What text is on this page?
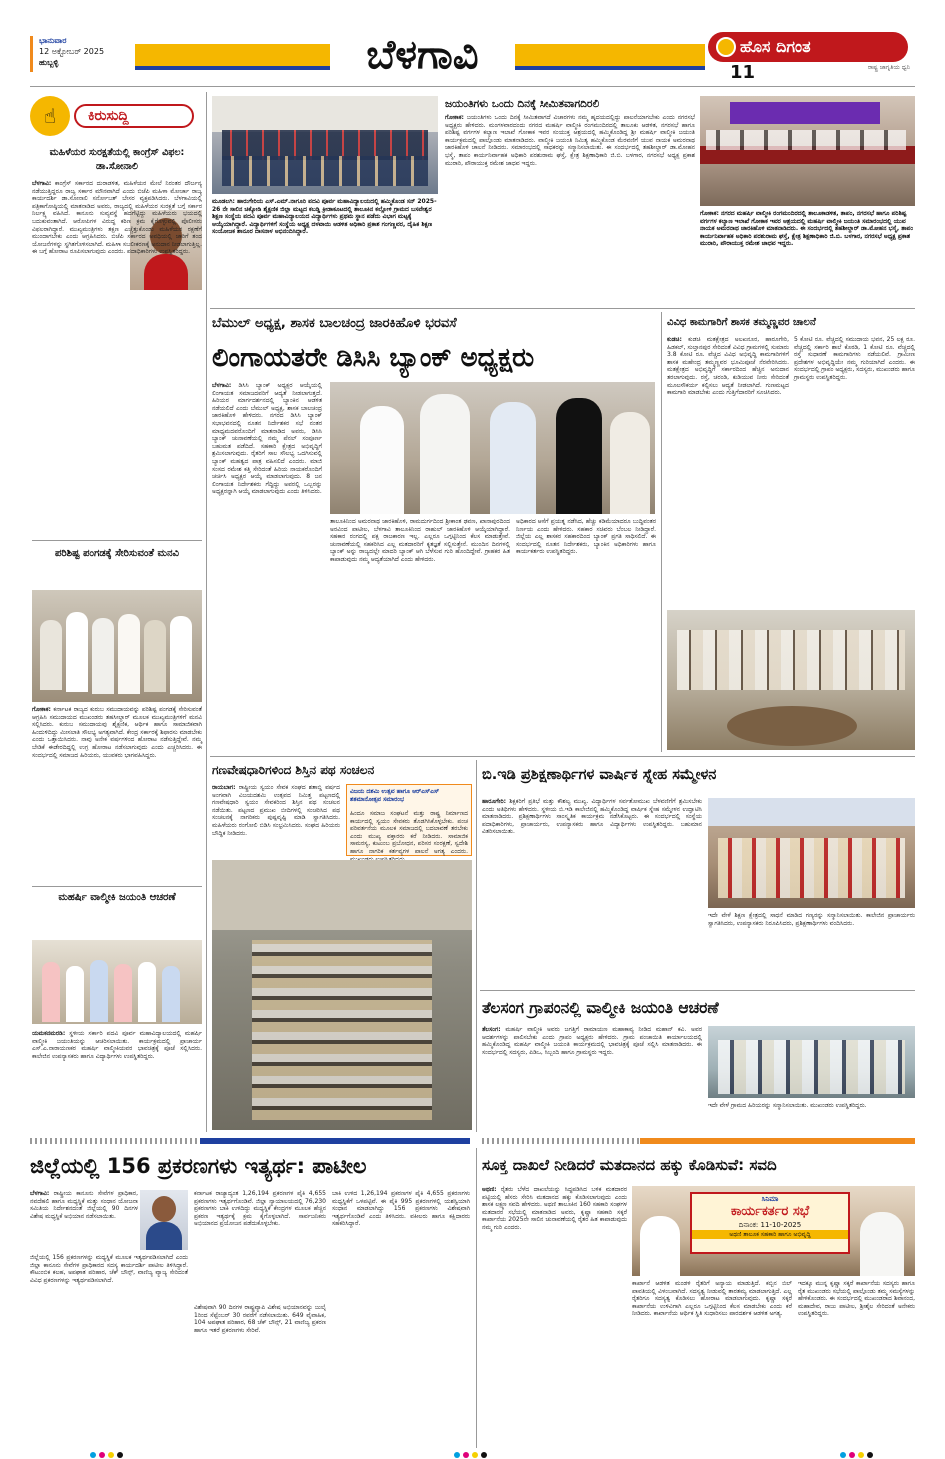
ಭಾನುವಾರ
12 ಅಕ್ಟೋಬರ್ 2025
ಹುಬ್ಬಳ್ಳಿ	ಬೆಳಗಾವಿ	ಹೊಸ ದಿಗಂತ
ರಾಷ್ಟ್ರ ಜಾಗೃತಿಯ ಧ್ವನಿ
11
☝	ಕಿರುಸುದ್ದಿ
ಮಹಿಳೆಯರ ಸುರಕ್ಷತೆಯಲ್ಲಿ ಕಾಂಗ್ರೆಸ್ ವಿಫಲ: ಡಾ.ಸೋನಾಲಿ
ಬೆಳಗಾವಿ: ಕಾಂಗ್ರೆಸ್ ಸರ್ಕಾರದ ದುರಾಡಳಿತ, ಮಹಿಳೆಯರ ಮೇಲೆ ನಿರಂತರ ದೌರ್ಜನ್ಯ ನಡೆಯುತ್ತಿದ್ದರೂ ರಾಜ್ಯ ಸರ್ಕಾರ ಮೌನವಾಗಿದೆ ಎಂದು ಬಿಜೆಪಿ ಮಹಿಳಾ ಮೋರ್ಚಾ ರಾಜ್ಯ ಕಾರ್ಯದರ್ಶಿ ಡಾ.ಸೋನಾಲಿ ಸರ್ನೋಬತ್ ಬೇಸರ ವ್ಯಕ್ತಪಡಿಸಿದರು. ಬೆಳಗಾವಿಯಲ್ಲಿ ಪತ್ರಿಕಾಗೋಷ್ಠಿಯಲ್ಲಿ ಮಾತನಾಡಿದ ಅವರು, ರಾಜ್ಯದಲ್ಲಿ ಮಹಿಳೆಯರ ಸುರಕ್ಷತೆ ಬಗ್ಗೆ ಸರ್ಕಾರ ನಿರ್ಲಕ್ಷ್ಯ ವಹಿಸಿದೆ. ಕಾನೂನು ಸುವ್ಯವಸ್ಥೆ ಹದಗೆಟ್ಟಿದ್ದು ಮಹಿಳೆಯರು ಭಯದಲ್ಲಿ ಬದುಕುವಂತಾಗಿದೆ. ಆರೋಪಿಗಳ ವಿರುದ್ಧ ಕಠಿಣ ಕ್ರಮ ಕೈಗೊಳ್ಳುವಲ್ಲಿ ಪೊಲೀಸರು ವಿಫಲರಾಗಿದ್ದಾರೆ. ಮುಖ್ಯಮಂತ್ರಿಗಳು ತಕ್ಷಣ ಎಚ್ಚೆತ್ತುಕೊಂಡು ಮಹಿಳೆಯರ ರಕ್ಷಣೆಗೆ ಮುಂದಾಗಬೇಕು ಎಂದು ಆಗ್ರಹಿಸಿದರು. ಬಿಜೆಪಿ ಸರ್ಕಾರದ ಅವಧಿಯಲ್ಲಿ ಜಾರಿಗೆ ತಂದ ಯೋಜನೆಗಳನ್ನು ಸ್ಥಗಿತಗೊಳಿಸಲಾಗಿದೆ. ಮಹಿಳಾ ಸಬಲೀಕರಣಕ್ಕೆ ಅನುದಾನ ನೀಡಲಾಗುತ್ತಿಲ್ಲ. ಈ ಬಗ್ಗೆ ಹೋರಾಟ ರೂಪಿಸಲಾಗುವುದು ಎಂದರು. ಪದಾಧಿಕಾರಿಗಳು ಉಪಸ್ಥಿತರಿದ್ದರು.
ಪರಿಶಿಷ್ಟ ಪಂಗಡಕ್ಕೆ ಸೇರಿಸುವಂತೆ ಮನವಿ
ಗೋಕಾಕ: ಕರ್ನಾಟಕ ರಾಜ್ಯದ ಕುರುಬ ಸಮುದಾಯವನ್ನು ಪರಿಶಿಷ್ಟ ಪಂಗಡಕ್ಕೆ ಸೇರಿಸುವಂತೆ ಆಗ್ರಹಿಸಿ ಸಮುದಾಯದ ಮುಖಂಡರು ತಹಸೀಲ್ದಾರ್ ಮೂಲಕ ಮುಖ್ಯಮಂತ್ರಿಗಳಿಗೆ ಮನವಿ ಸಲ್ಲಿಸಿದರು. ಕುರುಬ ಸಮುದಾಯವು ಶೈಕ್ಷಣಿಕ, ಆರ್ಥಿಕ ಹಾಗೂ ಸಾಮಾಜಿಕವಾಗಿ ಹಿಂದುಳಿದಿದ್ದು ಮೀಸಲಾತಿ ಸೌಲಭ್ಯ ಅಗತ್ಯವಾಗಿದೆ. ಕೇಂದ್ರ ಸರ್ಕಾರಕ್ಕೆ ಶಿಫಾರಸು ಮಾಡಬೇಕು ಎಂದು ಒತ್ತಾಯಿಸಿದರು. ನಾವು ಅನೇಕ ವರ್ಷಗಳಿಂದ ಹೋರಾಟ ನಡೆಸುತ್ತಿದ್ದೇವೆ. ನಮ್ಮ ಬೇಡಿಕೆ ಈಡೇರದಿದ್ದಲ್ಲಿ ಉಗ್ರ ಹೋರಾಟ ನಡೆಸಲಾಗುವುದು ಎಂದು ಎಚ್ಚರಿಸಿದರು. ಈ ಸಂದರ್ಭದಲ್ಲಿ ಸಮಾಜದ ಹಿರಿಯರು, ಯುವಕರು ಭಾಗವಹಿಸಿದ್ದರು.
ಮಹರ್ಷಿ ವಾಲ್ಮೀಕಿ ಜಯಂತಿ ಆಚರಣೆ
ಯಮಕನಮರಡಿ: ಸ್ಥಳೀಯ ಸರ್ಕಾರಿ ಪದವಿ ಪೂರ್ವ ಮಹಾವಿದ್ಯಾಲಯದಲ್ಲಿ ಮಹರ್ಷಿ ವಾಲ್ಮೀಕಿ ಜಯಂತಿಯನ್ನು ಆಚರಿಸಲಾಯಿತು. ಕಾರ್ಯಕ್ರಮದಲ್ಲಿ ಪ್ರಾಚಾರ್ಯ ಎಸ್.ಎ.ನಾರಾಯಣಕರ ಮಹರ್ಷಿ ವಾಲ್ಮೀಕಿಯವರ ಭಾವಚಿತ್ರಕ್ಕೆ ಪೂಜೆ ಸಲ್ಲಿಸಿದರು. ಕಾಲೇಜಿನ ಉಪನ್ಯಾಸಕರು ಹಾಗೂ ವಿದ್ಯಾರ್ಥಿಗಳು ಉಪಸ್ಥಿತರಿದ್ದರು.
ಮೂಡಲಗಿ: ಹಾರುಗೇರಿಯ ಎಸ್.ಎಮ್.ನಾಗೂರಿ ಪದವಿ ಪೂರ್ವ ಮಹಾವಿದ್ಯಾಲಯದಲ್ಲಿ ಹಮ್ಮಿಕೊಂಡ ಸನ್ 2025-26 ನೇ ಸಾಲಿನ ಚಿಕ್ಕೋಡಿ ಶೈಕ್ಷಣಿಕ ಜಿಲ್ಲಾ ಮಟ್ಟದ ಕಬಡ್ಡಿ ಕ್ರೀಡಾಕೂಟದಲ್ಲಿ ತಾಲೂಕಿನ ಕಲ್ಲೋಳಿ ಗ್ರಾಮದ ಬಸವೇಶ್ವರ ಶಿಕ್ಷಣ ಸಂಸ್ಥೆಯ ಪದವಿ ಪೂರ್ವ ಮಹಾವಿದ್ಯಾಲಯದ ವಿದ್ಯಾರ್ಥಿಗಳು ಪ್ರಥಮ ಸ್ಥಾನ ಪಡೆದು ವಿಭಾಗ ಮಟ್ಟಕ್ಕೆ ಆಯ್ಕೆಯಾಗಿದ್ದಾರೆ. ವಿದ್ಯಾರ್ಥಿಗಳಿಗೆ ಸಂಸ್ಥೆಯ ಅಧ್ಯಕ್ಷ ದಳವಾಯಿ ಆಡಳಿತ ಅಧಿಕಾರಿ ಪ್ರಕಾಶ ಗಂಗಣ್ಣವರ, ದೈಹಿಕ ಶಿಕ್ಷಣ ಸಂಯೋಜಕ ಶಾನೂರ ದಾಸನಾಳ ಅಭಿನಂದಿಸಿದ್ದಾರೆ.
ಜಯಂತಿಗಳು ಒಂದು ದಿನಕ್ಕೆ ಸೀಮಿತವಾಗದಿರಲಿ
ಗೋಕಾಕ: ಜಯಂತಿಗಳು ಒಂದು ದಿನಕ್ಕೆ ಸೀಮಿತವಾಗದೆ ವಿಚಾರಗಳು ನಮ್ಮ ಹೃದಯದಲ್ಲಿದ್ದು ಪಾಲನೆಯಾಗಬೇಕು ಎಂದು ನಗರಸಭೆ ಅಧ್ಯಕ್ಷರು ಹೇಳಿದರು. ಮಂಗಳವಾರದಂದು ನಗರದ ಮಹರ್ಷಿ ವಾಲ್ಮೀಕಿ ರಂಗಮಂದಿರದಲ್ಲಿ ತಾಲೂಕು ಆಡಳಿತ, ನಗರಸಭೆ ಹಾಗೂ ಪರಿಶಿಷ್ಟ ವರ್ಗಗಳ ಕಲ್ಯಾಣ ಇಲಾಖೆ ಗೋಕಾಕ ಇವರ ಸಂಯುಕ್ತ ಆಶ್ರಯದಲ್ಲಿ ಹಮ್ಮಿಕೊಂಡಿದ್ದ ಶ್ರೀ ಮಹರ್ಷಿ ವಾಲ್ಮೀಕಿ ಜಯಂತಿ ಕಾರ್ಯಕ್ರಮದಲ್ಲಿ ಪಾಲ್ಗೊಂಡು ಮಾತನಾಡಿದರು. ವಾಲ್ಮೀಕಿ ಜಯಂತಿ ನಿಮಿತ್ಯ ಹಮ್ಮಿಕೊಂಡ ಮೆರವಣಿಗೆ ಯುವ ನಾಯಕ ಅಮರನಾಥ ಜಾರಕಿಹೊಳಿ ಚಾಲನೆ ನೀಡಿದರು. ಸಮಾರಂಭದಲ್ಲಿ ಸಾಧಕರನ್ನು ಸನ್ಮಾನಿಸಲಾಯಿತು. ಈ ಸಂದರ್ಭದಲ್ಲಿ ತಹಶೀಲ್ದಾರ್ ಡಾ.ಮೋಹನ ಭಸ್ಮೆ, ತಾಪಂ ಕಾರ್ಯನಿರ್ವಾಹಕ ಅಧಿಕಾರಿ ಪರಶುರಾಮ ಘಸ್ತೆ, ಕ್ಷೇತ್ರ ಶಿಕ್ಷಣಾಧಿಕಾರಿ ಜಿ.ಬಿ. ಬಳಗಾರ, ನಗರಸಭೆ ಅಧ್ಯಕ್ಷ ಪ್ರಕಾಶ ಮುರಾರಿ, ಪೌರಾಯುಕ್ತ ರಮೇಶ ಜಾಧವ ಇದ್ದರು.
ಗೋಕಾಕ: ನಗರದ ಮಹರ್ಷಿ ವಾಲ್ಮೀಕಿ ರಂಗಮಂದಿರದಲ್ಲಿ ತಾಲೂಕಾಡಳಿತ, ತಾಪಂ, ನಗರಸಭೆ ಹಾಗೂ ಪರಿಶಿಷ್ಟ ವರ್ಗಗಳ ಕಲ್ಯಾಣ ಇಲಾಖೆ ಗೋಕಾಕ ಇವರ ಆಶ್ರಯದಲ್ಲಿ ಮಹರ್ಷಿ ವಾಲ್ಮೀಕಿ ಜಯಂತಿ ಸಮಾರಂಭದಲ್ಲಿ ಯುವ ನಾಯಕ ಅಮರನಾಥ ಜಾರಕಿಹೊಳಿ ಮಾತನಾಡಿದರು. ಈ ಸಂದರ್ಭದಲ್ಲಿ ತಹಶೀಲ್ದಾರ್ ಡಾ.ಮೋಹನ ಭಸ್ಮೆ, ತಾಪಂ ಕಾರ್ಯನಿರ್ವಾಹಕ ಅಧಿಕಾರಿ ಪರಶುರಾಮ ಘಸ್ತೆ, ಕ್ಷೇತ್ರ ಶಿಕ್ಷಣಾಧಿಕಾರಿ ಜಿ.ಬಿ. ಬಳಗಾರ, ನಗರಸಭೆ ಅಧ್ಯಕ್ಷ ಪ್ರಕಾಶ ಮುರಾರಿ, ಪೌರಾಯುಕ್ತ ರಮೇಶ ಜಾಧವ ಇದ್ದರು.
ಬೆಮುಲ್ ಅಧ್ಯಕ್ಷ, ಶಾಸಕ ಬಾಲಚಂದ್ರ ಜಾರಕಿಹೊಳಿ ಭರವಸೆ
ಲಿಂಗಾಯತರೇ ಡಿಸಿಸಿ ಬ್ಯಾಂಕ್ ಅಧ್ಯಕ್ಷರು
ಬೆಳಗಾವಿ: ಡಿಸಿಸಿ ಬ್ಯಾಂಕ್ ಅಧ್ಯಕ್ಷರ ಆಯ್ಕೆಯಲ್ಲಿ ಲಿಂಗಾಯತ ಸಮಾಜದವರಿಗೆ ಆದ್ಯತೆ ನೀಡಲಾಗುತ್ತದೆ. ಹಿರಿಯರ ಮಾರ್ಗದರ್ಶನದಲ್ಲಿ ಬ್ಯಾಂಕಿನ ಆಡಳಿತ ನಡೆಯಲಿದೆ ಎಂದು ಬೆಮುಲ್ ಅಧ್ಯಕ್ಷ, ಶಾಸಕ ಬಾಲಚಂದ್ರ ಜಾರಕಿಹೊಳಿ ಹೇಳಿದರು. ನಗರದ ಡಿಸಿಸಿ ಬ್ಯಾಂಕ್ ಸಭಾಭವನದಲ್ಲಿ ನೂತನ ನಿರ್ದೇಶಕರ ಸಭೆ ನಂತರ ಮಾಧ್ಯಮದವರೊಂದಿಗೆ ಮಾತನಾಡಿದ ಅವರು, ಡಿಸಿಸಿ ಬ್ಯಾಂಕ್ ಚುನಾವಣೆಯಲ್ಲಿ ನಮ್ಮ ಪೆನಲ್ ಸಂಪೂರ್ಣ ಬಹುಮತ ಪಡೆದಿದೆ. ಸಹಕಾರಿ ಕ್ಷೇತ್ರದ ಅಭಿವೃದ್ಧಿಗೆ ಶ್ರಮಿಸಲಾಗುವುದು. ರೈತರಿಗೆ ಸಾಲ ಸೌಲಭ್ಯ ಒದಗಿಸುವಲ್ಲಿ ಬ್ಯಾಂಕ್ ಮಹತ್ವದ ಪಾತ್ರ ವಹಿಸಲಿದೆ ಎಂದರು. ಮಾಜಿ ಸಂಸದ ರಮೇಶ ಕತ್ತಿ ಸೇರಿದಂತೆ ಹಿರಿಯ ನಾಯಕರೊಂದಿಗೆ ಚರ್ಚಿಸಿ ಅಧ್ಯಕ್ಷರ ಆಯ್ಕೆ ಮಾಡಲಾಗುವುದು. 8 ಜನ ಲಿಂಗಾಯತ ನಿರ್ದೇಶಕರು ಗೆದ್ದಿದ್ದು ಅವರಲ್ಲಿ ಒಬ್ಬರನ್ನು ಅಧ್ಯಕ್ಷರನ್ನಾಗಿ ಆಯ್ಕೆ ಮಾಡಲಾಗುವುದು ಎಂದು ತಿಳಿಸಿದರು.
ತಾಲೂಕಿನಿಂದ ಅಮರನಾಥ ಜಾರಕಿಹೊಳಿ, ರಾಮದುರ್ಗದಿಂದ ಶ್ರೀಕಾಂತ ಢವಣ, ಖಾನಾಪುರದಿಂದ ಅರವಿಂದ ಪಾಟೀಲ, ಬೆಳಗಾವಿ ತಾಲೂಕಿನಿಂದ ರಾಹುಲ್ ಜಾರಕಿಹೊಳಿ ಆಯ್ಕೆಯಾಗಿದ್ದಾರೆ. ಸಹಕಾರ ರಂಗದಲ್ಲಿ ಪಕ್ಷ ರಾಜಕಾರಣ ಇಲ್ಲ. ಎಲ್ಲರೂ ಒಗ್ಗಟ್ಟಿನಿಂದ ಕೆಲಸ ಮಾಡುತ್ತೇವೆ. ಚುನಾವಣೆಯಲ್ಲಿ ಸಹಕರಿಸಿದ ಎಲ್ಲ ಮತದಾರರಿಗೆ ಕೃತಜ್ಞತೆ ಸಲ್ಲಿಸುತ್ತೇನೆ. ಮುಂದಿನ ದಿನಗಳಲ್ಲಿ ಬ್ಯಾಂಕ್ ಅನ್ನು ರಾಜ್ಯದಲ್ಲೇ ಮಾದರಿ ಬ್ಯಾಂಕ್ ಆಗಿ ಬೆಳೆಸುವ ಗುರಿ ಹೊಂದಿದ್ದೇವೆ. ಗ್ರಾಹಕರ ಹಿತ ಕಾಪಾಡುವುದು ನಮ್ಮ ಆದ್ಯತೆಯಾಗಿದೆ ಎಂದು ಹೇಳಿದರು.
ಅಧಿಕಾರದ ಆಸೆಗೆ ಪ್ರಯತ್ನ ನಡೆಸಿದ, ಹೆಚ್ಚು ಕಡಿಮೆಯಾದರೂ ಬುದ್ಧಿವಂತರ ನಿರ್ಣಯ ಎಂದು ಹೇಳಿದರು. ಸಹಕಾರ ಸಚಿವರು ಬೆಂಬಲ ನೀಡಿದ್ದಾರೆ. ಜಿಲ್ಲೆಯ ಎಲ್ಲ ಶಾಸಕರ ಸಹಕಾರದಿಂದ ಬ್ಯಾಂಕ್ ಪ್ರಗತಿ ಸಾಧಿಸಲಿದೆ. ಈ ಸಂದರ್ಭದಲ್ಲಿ ನೂತನ ನಿರ್ದೇಶಕರು, ಬ್ಯಾಂಕಿನ ಅಧಿಕಾರಿಗಳು ಹಾಗೂ ಕಾರ್ಯಕರ್ತರು ಉಪಸ್ಥಿತರಿದ್ದರು.
ವಿವಿಧ ಕಾಮಗಾರಿಗೆ ಶಾಸಕ ತಮ್ಮಣ್ಣವರ ಚಾಲನೆ
ಕುಡಚಿ: ಕುಡಚಿ ಮತಕ್ಷೇತ್ರದ ಅಲಖನೂರ, ಹಾರೂಗೇರಿ, ಹಿಡಕಲ್, ಸುಲ್ತಾನಪುರ ಸೇರಿದಂತೆ ವಿವಿಧ ಗ್ರಾಮಗಳಲ್ಲಿ ಸುಮಾರು 3.8 ಕೋಟಿ ರೂ. ವೆಚ್ಚದ ವಿವಿಧ ಅಭಿವೃದ್ಧಿ ಕಾಮಗಾರಿಗಳಿಗೆ ಶಾಸಕ ಮಹೇಂದ್ರ ತಮ್ಮಣ್ಣವರ ಭೂಮಿಪೂಜೆ ನೆರವೇರಿಸಿದರು. ಮತಕ್ಷೇತ್ರದ ಅಭಿವೃದ್ಧಿಗೆ ಸರ್ಕಾರದಿಂದ ಹೆಚ್ಚಿನ ಅನುದಾನ ತರಲಾಗುವುದು. ರಸ್ತೆ, ಚರಂಡಿ, ಕುಡಿಯುವ ನೀರು ಸೇರಿದಂತೆ ಮೂಲಸೌಕರ್ಯ ಕಲ್ಪಿಸಲು ಆದ್ಯತೆ ನೀಡಲಾಗಿದೆ. ಗುಣಮಟ್ಟದ ಕಾಮಗಾರಿ ಮಾಡಬೇಕು ಎಂದು ಗುತ್ತಿಗೆದಾರರಿಗೆ ಸೂಚಿಸಿದರು.
5 ಕೋಟಿ ರೂ. ವೆಚ್ಚದಲ್ಲಿ ಸಮುದಾಯ ಭವನ, 25 ಲಕ್ಷ ರೂ. ವೆಚ್ಚದಲ್ಲಿ ಸರ್ಕಾರಿ ಶಾಲೆ ಕೊಠಡಿ, 1 ಕೋಟಿ ರೂ. ವೆಚ್ಚದಲ್ಲಿ ರಸ್ತೆ ಸುಧಾರಣೆ ಕಾಮಗಾರಿಗಳು ನಡೆಯಲಿವೆ. ಗ್ರಾಮೀಣ ಪ್ರದೇಶಗಳ ಅಭಿವೃದ್ಧಿಯೇ ನಮ್ಮ ಗುರಿಯಾಗಿದೆ ಎಂದರು. ಈ ಸಂದರ್ಭದಲ್ಲಿ ಗ್ರಾಪಂ ಅಧ್ಯಕ್ಷರು, ಸದಸ್ಯರು, ಮುಖಂಡರು ಹಾಗೂ ಗ್ರಾಮಸ್ಥರು ಉಪಸ್ಥಿತರಿದ್ದರು.
ಗಣವೇಷಧಾರಿಗಳಿಂದ ಶಿಸ್ತಿನ ಪಥ ಸಂಚಲನ
ರಾಯಬಾಗ: ರಾಷ್ಟ್ರೀಯ ಸ್ವಯಂ ಸೇವಕ ಸಂಘದ ಶತಾಬ್ದಿ ವರ್ಷದ ಅಂಗವಾಗಿ ವಿಜಯದಶಮಿ ಉತ್ಸವದ ನಿಮಿತ್ತ ಪಟ್ಟಣದಲ್ಲಿ ಗಣವೇಷಧಾರಿ ಸ್ವಯಂ ಸೇವಕರಿಂದ ಶಿಸ್ತಿನ ಪಥ ಸಂಚಲನ ನಡೆಯಿತು. ಪಟ್ಟಣದ ಪ್ರಮುಖ ಬೀದಿಗಳಲ್ಲಿ ಸಂಚರಿಸಿದ ಪಥ ಸಂಚಲನಕ್ಕೆ ನಾಗರಿಕರು ಪುಷ್ಪವೃಷ್ಟಿ ಮಾಡಿ ಸ್ವಾಗತಿಸಿದರು. ಮಹಿಳೆಯರು ರಂಗೋಲಿ ಬಿಡಿಸಿ ಸಂಭ್ರಮಿಸಿದರು. ಸಂಘದ ಹಿರಿಯರು ಬೌದ್ಧಿಕ ನೀಡಿದರು.
ವಿಜಯ ದಶಮಿ ಉತ್ಸವ ಹಾಗೂ ಆರ್‌ಎಸ್‌ಎಸ್ ಶತಮಾನೋತ್ಸವ ಸಮಾರಂಭ
ಹಿಂದೂ ಸಮಾಜ ಸಂಘಟನೆ ಮತ್ತು ರಾಷ್ಟ್ರ ನಿರ್ಮಾಣದ ಕಾರ್ಯದಲ್ಲಿ ಸ್ವಯಂ ಸೇವಕರು ತೊಡಗಿಸಿಕೊಳ್ಳಬೇಕು. ಪಂಚ ಪರಿವರ್ತನೆಯ ಮೂಲಕ ಸಮಾಜದಲ್ಲಿ ಬದಲಾವಣೆ ತರಬೇಕು ಎಂದು ಮುಖ್ಯ ವಕ್ತಾರರು ಕರೆ ನೀಡಿದರು. ಸಾಮಾಜಿಕ ಸಾಮರಸ್ಯ, ಕುಟುಂಬ ಪ್ರಬೋಧನ, ಪರಿಸರ ಸಂರಕ್ಷಣೆ, ಸ್ವದೇಶಿ ಹಾಗೂ ನಾಗರಿಕ ಕರ್ತವ್ಯಗಳ ಪಾಲನೆ ಅಗತ್ಯ ಎಂದರು.
ಬಿ.ಇಡಿ ಪ್ರಶಿಕ್ಷಣಾರ್ಥಿಗಳ ವಾರ್ಷಿಕ ಸ್ನೇಹ ಸಮ್ಮೇಳನ
ಹಾರೂಗೇರಿ: ಶಿಕ್ಷಕರಿಗೆ ಪ್ರತಿಭೆ ಮತ್ತು ಕೌಶಲ್ಯ ಮುಖ್ಯ. ವಿದ್ಯಾರ್ಥಿಗಳ ಸರ್ವತೋಮುಖ ಬೆಳವಣಿಗೆಗೆ ಶ್ರಮಿಸಬೇಕು ಎಂದು ಅತಿಥಿಗಳು ಹೇಳಿದರು. ಸ್ಥಳೀಯ ಬಿ.ಇಡಿ ಕಾಲೇಜಿನಲ್ಲಿ ಹಮ್ಮಿಕೊಂಡಿದ್ದ ವಾರ್ಷಿಕ ಸ್ನೇಹ ಸಮ್ಮೇಳನ ಉದ್ಘಾಟಿಸಿ ಮಾತನಾಡಿದರು. ಪ್ರಶಿಕ್ಷಣಾರ್ಥಿಗಳು ಸಾಂಸ್ಕೃತಿಕ ಕಾರ್ಯಕ್ರಮ ನಡೆಸಿಕೊಟ್ಟರು. ಈ ಸಂದರ್ಭದಲ್ಲಿ ಸಂಸ್ಥೆಯ ಪದಾಧಿಕಾರಿಗಳು, ಪ್ರಾಚಾರ್ಯರು, ಉಪನ್ಯಾಸಕರು ಹಾಗೂ ವಿದ್ಯಾರ್ಥಿಗಳು ಉಪಸ್ಥಿತರಿದ್ದರು. ಬಹುಮಾನ ವಿತರಿಸಲಾಯಿತು.
ಇದೇ ವೇಳೆ ಶಿಕ್ಷಣ ಕ್ಷೇತ್ರದಲ್ಲಿ ಸಾಧನೆ ಮಾಡಿದ ಗಣ್ಯರನ್ನು ಸನ್ಮಾನಿಸಲಾಯಿತು. ಕಾಲೇಜಿನ ಪ್ರಾಚಾರ್ಯರು ಸ್ವಾಗತಿಸಿದರು, ಉಪನ್ಯಾಸಕರು ನಿರೂಪಿಸಿದರು, ಪ್ರಶಿಕ್ಷಣಾರ್ಥಿಗಳು ವಂದಿಸಿದರು.
ತೆಲಸಂಗ ಗ್ರಾಪಂನಲ್ಲಿ ವಾಲ್ಮೀಕಿ ಜಯಂತಿ ಆಚರಣೆ
ತೆಲಸಂಗ: ಮಹರ್ಷಿ ವಾಲ್ಮೀಕಿ ಅವರು ಜಗತ್ತಿಗೆ ರಾಮಾಯಣ ಮಹಾಕಾವ್ಯ ನೀಡಿದ ಮಹಾನ್ ಕವಿ. ಅವರ ಆದರ್ಶಗಳನ್ನು ಪಾಲಿಸಬೇಕು ಎಂದು ಗ್ರಾಪಂ ಅಧ್ಯಕ್ಷರು ಹೇಳಿದರು. ಗ್ರಾಮ ಪಂಚಾಯಿತಿ ಕಾರ್ಯಾಲಯದಲ್ಲಿ ಹಮ್ಮಿಕೊಂಡಿದ್ದ ಮಹರ್ಷಿ ವಾಲ್ಮೀಕಿ ಜಯಂತಿ ಕಾರ್ಯಕ್ರಮದಲ್ಲಿ ಭಾವಚಿತ್ರಕ್ಕೆ ಪೂಜೆ ಸಲ್ಲಿಸಿ ಮಾತನಾಡಿದರು. ಈ ಸಂದರ್ಭದಲ್ಲಿ ಸದಸ್ಯರು, ಪಿಡಿಒ, ಸಿಬ್ಬಂದಿ ಹಾಗೂ ಗ್ರಾಮಸ್ಥರು ಇದ್ದರು.
ಇದೇ ವೇಳೆ ಗ್ರಾಮದ ಹಿರಿಯರನ್ನು ಸನ್ಮಾನಿಸಲಾಯಿತು. ಮುಖಂಡರು ಉಪಸ್ಥಿತರಿದ್ದರು.
ಜಿಲ್ಲೆಯಲ್ಲಿ 156 ಪ್ರಕರಣಗಳು ಇತ್ಯರ್ಥ: ಪಾಟೀಲ
ಬೆಳಗಾವಿ: ರಾಷ್ಟ್ರೀಯ ಕಾನೂನು ಸೇವೆಗಳ ಪ್ರಾಧಿಕಾರ, ನವದೆಹಲಿ ಹಾಗೂ ಮಧ್ಯಸ್ಥಿಕೆ ಮತ್ತು ಸಂಧಾನ ಯೋಜನಾ ಸಮಿತಿಯ ನಿರ್ದೇಶನದಂತೆ ಜಿಲ್ಲೆಯಲ್ಲಿ 90 ದಿನಗಳ ವಿಶೇಷ ಮಧ್ಯಸ್ಥಿಕೆ ಅಭಿಯಾನ ನಡೆಸಲಾಯಿತು.
ಜಿಲ್ಲೆಯಲ್ಲಿ 156 ಪ್ರಕರಣಗಳನ್ನು ಮಧ್ಯಸ್ಥಿಕೆ ಮೂಲಕ ಇತ್ಯರ್ಥಪಡಿಸಲಾಗಿದೆ ಎಂದು ಜಿಲ್ಲಾ ಕಾನೂನು ಸೇವೆಗಳ ಪ್ರಾಧಿಕಾರದ ಸದಸ್ಯ ಕಾರ್ಯದರ್ಶಿ ಪಾಟೀಲ ತಿಳಿಸಿದ್ದಾರೆ. ಕೌಟುಂಬಿಕ ಕಲಹ, ಅಪಘಾತ ಪರಿಹಾರ, ಚೆಕ್ ಬೌನ್ಸ್, ವಾಣಿಜ್ಯ ವ್ಯಾಜ್ಯ ಸೇರಿದಂತೆ ವಿವಿಧ ಪ್ರಕರಣಗಳನ್ನು ಇತ್ಯರ್ಥಪಡಿಸಲಾಗಿದೆ.
ಕರ್ನಾಟಕ ರಾಜ್ಯಾದ್ಯಂತ 1,26,194 ಪ್ರಕರಣಗಳ ಪೈಕಿ 4,655 ಪ್ರಕರಣಗಳು ಇತ್ಯರ್ಥಗೊಂಡಿವೆ. ಜಿಲ್ಲಾ ನ್ಯಾಯಾಲಯದಲ್ಲಿ 76,230 ಪ್ರಕರಣಗಳು ಬಾಕಿ ಉಳಿದಿದ್ದು ಮಧ್ಯಸ್ಥಿಕೆ ಕೇಂದ್ರಗಳ ಮೂಲಕ ಹೆಚ್ಚಿನ ಪ್ರಕರಣ ಇತ್ಯರ್ಥಕ್ಕೆ ಕ್ರಮ ಕೈಗೊಳ್ಳಲಾಗಿದೆ. ಸಾರ್ವಜನಿಕರು ಅಭಿಯಾನದ ಪ್ರಯೋಜನ ಪಡೆದುಕೊಳ್ಳಬೇಕು.
ವಿಶೇಷವಾಗಿ 90 ದಿನಗಳ ರಾಷ್ಟ್ರವ್ಯಾಪಿ ವಿಶೇಷ ಅಭಿಯಾನವನ್ನು ಜುಲೈ 1ರಿಂದ ಸೆಪ್ಟೆಂಬರ್ 30 ರವರೆಗೆ ನಡೆಸಲಾಯಿತು. 649 ವೈವಾಹಿಕ, 104 ಅಪಘಾತ ಪರಿಹಾರ, 68 ಚೆಕ್ ಬೌನ್ಸ್, 21 ವಾಣಿಜ್ಯ ಪ್ರಕರಣ ಹಾಗೂ ಇತರೆ ಪ್ರಕರಣಗಳು ಸೇರಿವೆ.
ಬಾಕಿ ಉಳಿದ 1,26,194 ಪ್ರಕರಣಗಳ ಪೈಕಿ 4,655 ಪ್ರಕರಣಗಳು ಮಧ್ಯಸ್ಥಿಕೆಗೆ ಒಳಪಟ್ಟಿವೆ. ಈ ಪೈಕಿ 995 ಪ್ರಕರಣಗಳಲ್ಲಿ ಯಶಸ್ವಿಯಾಗಿ ಸಂಧಾನ ಮಾಡಲಾಗಿದ್ದು 156 ಪ್ರಕರಣಗಳು ವಿಶೇಷವಾಗಿ ಇತ್ಯರ್ಥಗೊಂಡಿವೆ ಎಂದು ತಿಳಿಸಿದರು. ವಕೀಲರು ಹಾಗೂ ಕಕ್ಷಿದಾರರು ಸಹಕರಿಸಿದ್ದಾರೆ.
ಸೂಕ್ತ ದಾಖಲೆ ನೀಡಿದರೆ ಮತದಾನದ ಹಕ್ಕು ಕೊಡಿಸುವೆ: ಸವದಿ
ಅಥಣಿ: ರೈತರು ಬೆಳೆದ ದಾಖಲೆಯನ್ನು ಸಿದ್ಧಪಡಿಸಿದ ಬಳಿಕ ಮತದಾರರ ಪಟ್ಟಿಯಲ್ಲಿ ಹೆಸರು ಸೇರಿಸಿ ಮತದಾನದ ಹಕ್ಕು ಕೊಡಿಸಲಾಗುವುದು ಎಂದು ಶಾಸಕ ಲಕ್ಷ್ಮಣ ಸವದಿ ಹೇಳಿದರು. ಅಥಣಿ ತಾಲೂಕಿನ 160 ಸಹಕಾರಿ ಸಂಘಗಳ ಮತದಾರರ ಸಭೆಯಲ್ಲಿ ಮಾತನಾಡಿದ ಅವರು, ಕೃಷ್ಣಾ ಸಹಕಾರಿ ಸಕ್ಕರೆ ಕಾರ್ಖಾನೆಯ 2025ನೇ ಸಾಲಿನ ಚುನಾವಣೆಯಲ್ಲಿ ರೈತರ ಹಿತ ಕಾಪಾಡುವುದು ನಮ್ಮ ಗುರಿ ಎಂದರು.
ಸಿನಿಮಾ
ಕಾರ್ಯಕರ್ತರ ಸಭೆ
ದಿನಾಂಕ: 11-10-2025
ಅಥಣಿ ತಾಲೂಕ ಸಹಕಾರಿ ಹಾಗೂ ಅಭಿವೃದ್ಧಿ
ಕಾರ್ಖಾನೆ ಆಡಳಿತ ಮಂಡಳಿ ರೈತರಿಗೆ ಅನ್ಯಾಯ ಮಾಡುತ್ತಿದೆ. ಕಬ್ಬಿನ ಬಿಲ್ ಪಾವತಿಯಲ್ಲಿ ವಿಳಂಬವಾಗಿದೆ. ಸದಸ್ಯತ್ವ ನೀಡುವಲ್ಲಿ ತಾರತಮ್ಯ ಮಾಡಲಾಗುತ್ತಿದೆ. ಎಲ್ಲ ರೈತರಿಗೂ ಸದಸ್ಯತ್ವ ಕೊಡಿಸಲು ಹೋರಾಟ ಮಾಡಲಾಗುವುದು. ಕೃಷ್ಣಾ ಸಕ್ಕರೆ ಕಾರ್ಖಾನೆಯ ಉಳಿವಿಗಾಗಿ ಎಲ್ಲರೂ ಒಗ್ಗಟ್ಟಿನಿಂದ ಕೆಲಸ ಮಾಡಬೇಕು ಎಂದು ಕರೆ ನೀಡಿದರು. ಕಾರ್ಖಾನೆಯ ಆರ್ಥಿಕ ಸ್ಥಿತಿ ಸುಧಾರಿಸಲು ಪಾರದರ್ಶಕ ಆಡಳಿತ ಅಗತ್ಯ.
ಇದಕ್ಕೂ ಮುನ್ನ ಕೃಷ್ಣಾ ಸಕ್ಕರೆ ಕಾರ್ಖಾನೆಯ ಸದಸ್ಯರು ಹಾಗೂ ರೈತ ಮುಖಂಡರು ಸಭೆಯಲ್ಲಿ ಪಾಲ್ಗೊಂಡು ತಮ್ಮ ಸಮಸ್ಯೆಗಳನ್ನು ಹೇಳಿಕೊಂಡರು. ಈ ಸಂದರ್ಭದಲ್ಲಿ ಮುಖಂಡರಾದ ಶಿವಾನಂದ, ಮಹಾದೇವ, ರಾಜು ಪಾಟೀಲ, ಶ್ರೀಶೈಲ ಸೇರಿದಂತೆ ಅನೇಕರು ಉಪಸ್ಥಿತರಿದ್ದರು.
